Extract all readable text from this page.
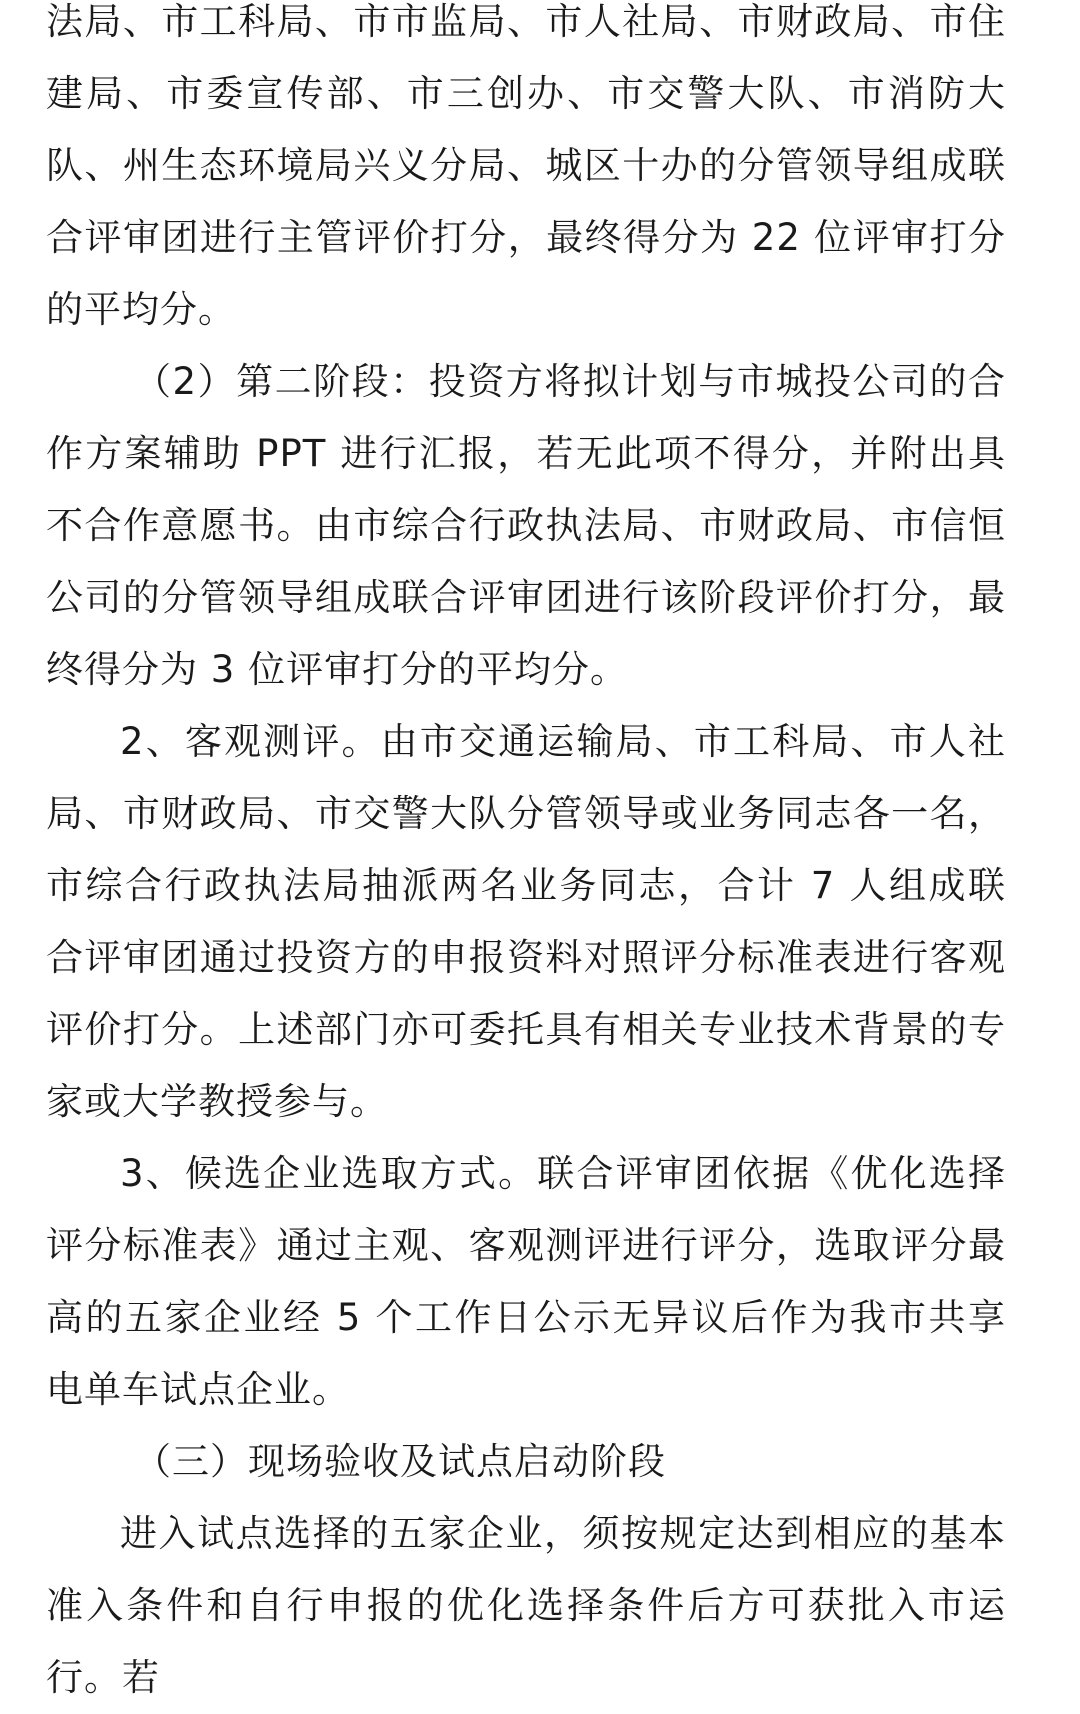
法局、市工科局、市市监局、市人社局、市财政局、市住建局、市委宣传部、市三创办、市交警大队、市消防大队、州生态环境局兴义分局、城区十办的分管领导组成联合评审团进行主管评价打分，最终得分为 22 位评审打分的平均分。

（2）第二阶段：投资方将拟计划与市城投公司的合作方案辅助 PPT 进行汇报，若无此项不得分，并附出具不合作意愿书。由市综合行政执法局、市财政局、市信恒公司的分管领导组成联合评审团进行该阶段评价打分，最终得分为 3 位评审打分的平均分。

2、客观测评。由市交通运输局、市工科局、市人社局、市财政局、市交警大队分管领导或业务同志各一名，市综合行政执法局抽派两名业务同志，合计 7 人组成联合评审团通过投资方的申报资料对照评分标准表进行客观评价打分。上述部门亦可委托具有相关专业技术背景的专家或大学教授参与。

3、候选企业选取方式。联合评审团依据《优化选择评分标准表》通过主观、客观测评进行评分，选取评分最高的五家企业经 5 个工作日公示无异议后作为我市共享电单车试点企业。

（三）现场验收及试点启动阶段

进入试点选择的五家企业，须按规定达到相应的基本准入条件和自行申报的优化选择条件后方可获批入市运行。若
